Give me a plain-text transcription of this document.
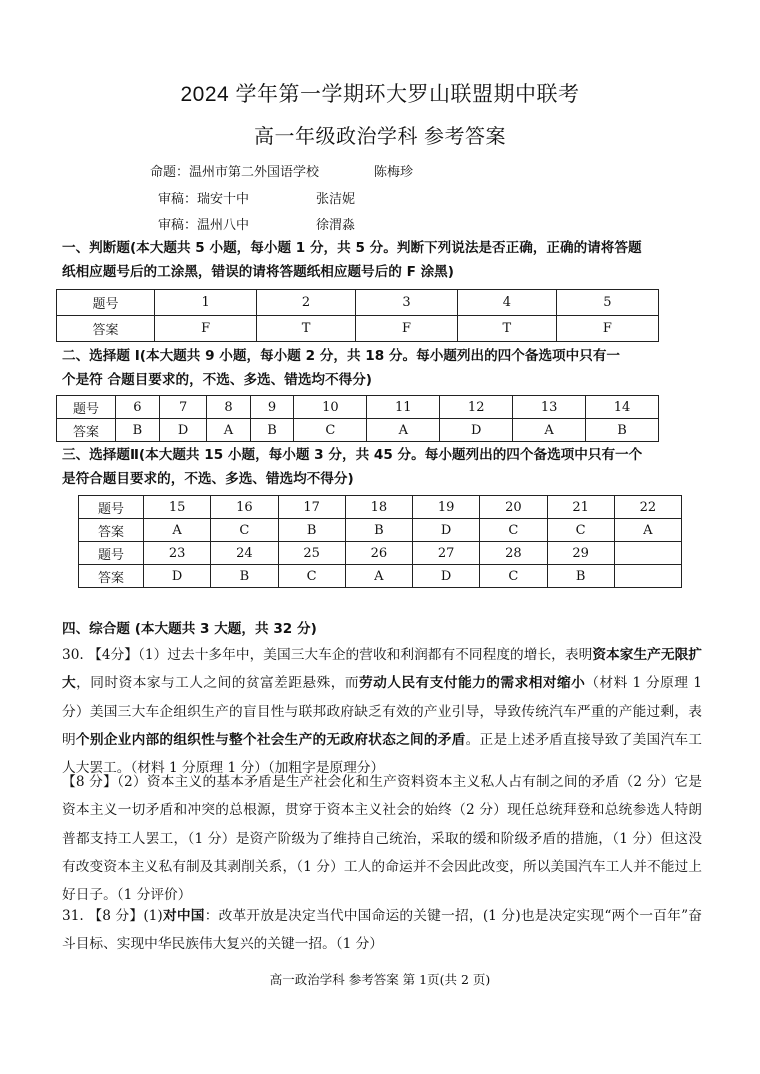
2024 学年第一学期环大罗山联盟期中联考
高一年级政治学科 参考答案
命题：温州市第二外国语学校	陈梅珍
审稿：瑞安十中	张洁妮
审稿：温州八中	徐渭淼
一、判断题(本大题共 5 小题，每小题 1 分，共 5 分。判断下列说法是否正确，正确的请将答题
纸相应题号后的工涂黑，错误的请将答题纸相应题号后的 F 涂黑)
题号	1	2	3	4	5
答案	F	T	F	T	F
二、选择题 I(本大题共 9 小题，每小题 2 分，共 18 分。每小题列出的四个备选项中只有一
个是符 合题目要求的，不选、多选、错选均不得分)
题号	6	7	8	9	10	11	12	13	14
答案	B	D	A	B	C	A	D	A	B
三、选择题Ⅱ(本大题共 15 小题，每小题 3 分，共 45 分。每小题列出的四个备选项中只有一个
是符合题目要求的，不选、多选、错选均不得分)
题号	15	16	17	18	19	20	21	22
答案	A	C	B	B	D	C	C	A
题号	23	24	25	26	27	28	29	
答案	D	B	C	A	D	C	B	
四、综合题 (本大题共 3 大题，共 32 分)
30. 【4分】（1）过去十多年中，美国三大车企的营收和利润都有不同程度的增长，表明资本家生产无限扩大，同时资本家与工人之间的贫富差距悬殊，而劳动人民有支付能力的需求相对缩小（材料 1 分原理 1 分）美国三大车企组织生产的盲目性与联邦政府缺乏有效的产业引导，导致传统汽车严重的产能过剩，表明个别企业内部的组织性与整个社会生产的无政府状态之间的矛盾。正是上述矛盾直接导致了美国汽车工人大罢工。（材料 1 分原理 1 分）（加粗字是原理分）
【8 分】（2）资本主义的基本矛盾是生产社会化和生产资料资本主义私人占有制之间的矛盾（2 分）它是资本主义一切矛盾和冲突的总根源，贯穿于资本主义社会的始终（2 分）现任总统拜登和总统参选人特朗普都支持工人罢工，（1 分）是资产阶级为了维持自己统治，采取的缓和阶级矛盾的措施，（1 分）但这没有改变资本主义私有制及其剥削关系，（1 分）工人的命运并不会因此改变，所以美国汽车工人并不能过上好日子。（1 分评价）
31. 【8 分】(1)对中国：改革开放是决定当代中国命运的关键一招，(1 分)也是决定实现“两个一百年”奋斗目标、实现中华民族伟大复兴的关键一招。（1 分）
高一政治学科 参考答案 第 1页(共 2 页)
